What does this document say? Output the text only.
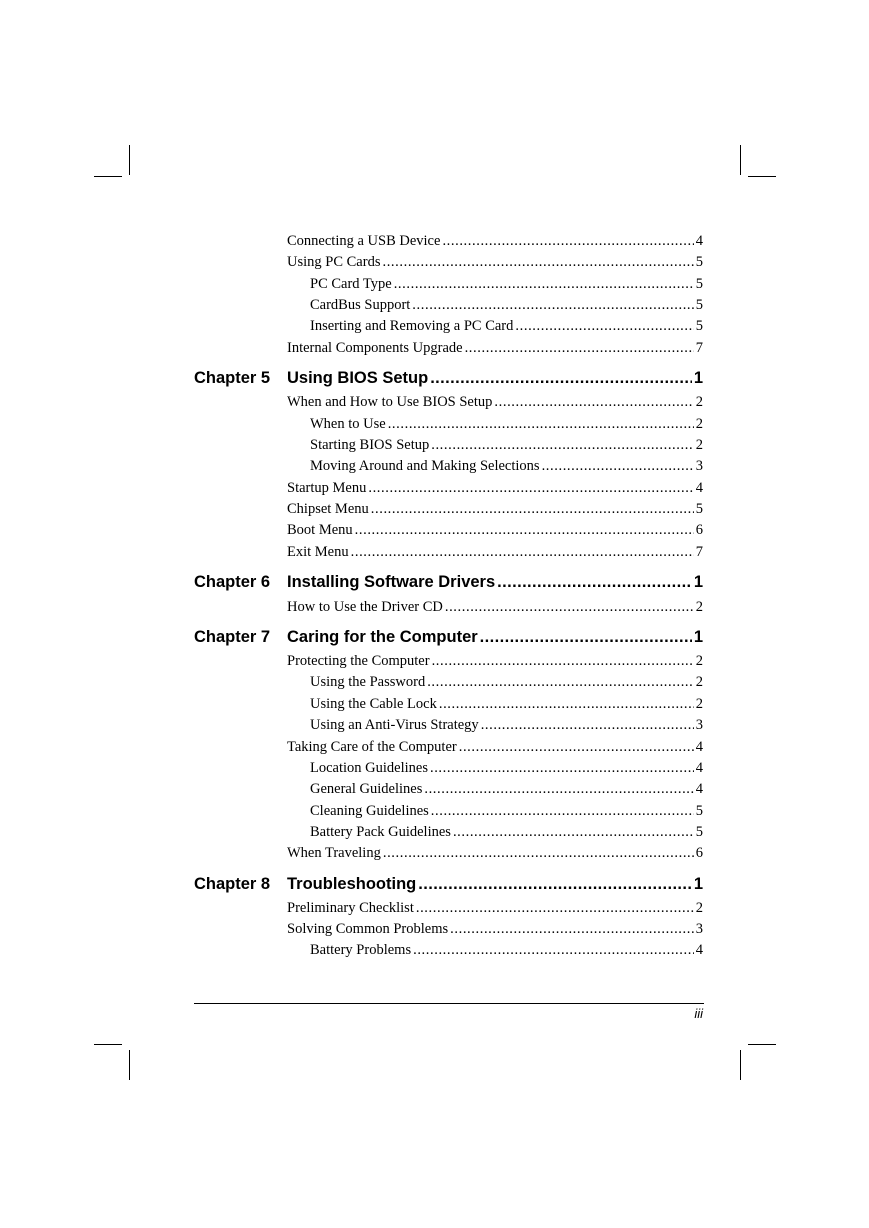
Connecting a USB Device .....	4
Using PC Cards .....	5
PC Card Type .....	5
CardBus Support .....	5
Inserting and Removing a PC Card .....	5
Internal Components Upgrade .....	7
Chapter 5	Using BIOS Setup .....	1
When and How to Use BIOS Setup .....	2
When to Use .....	2
Starting BIOS Setup .....	2
Moving Around and Making Selections .....	3
Startup Menu .....	4
Chipset Menu .....	5
Boot Menu .....	6
Exit Menu .....	7
Chapter 6	Installing Software Drivers .....	1
How to Use the Driver CD .....	2
Chapter 7	Caring for the Computer .....	1
Protecting the Computer .....	2
Using the Password .....	2
Using the Cable Lock .....	2
Using an Anti-Virus Strategy .....	3
Taking Care of the Computer .....	4
Location Guidelines .....	4
General Guidelines .....	4
Cleaning Guidelines .....	5
Battery Pack Guidelines .....	5
When Traveling .....	6
Chapter 8	Troubleshooting .....	1
Preliminary Checklist .....	2
Solving Common Problems .....	3
Battery Problems .....	4
iii
